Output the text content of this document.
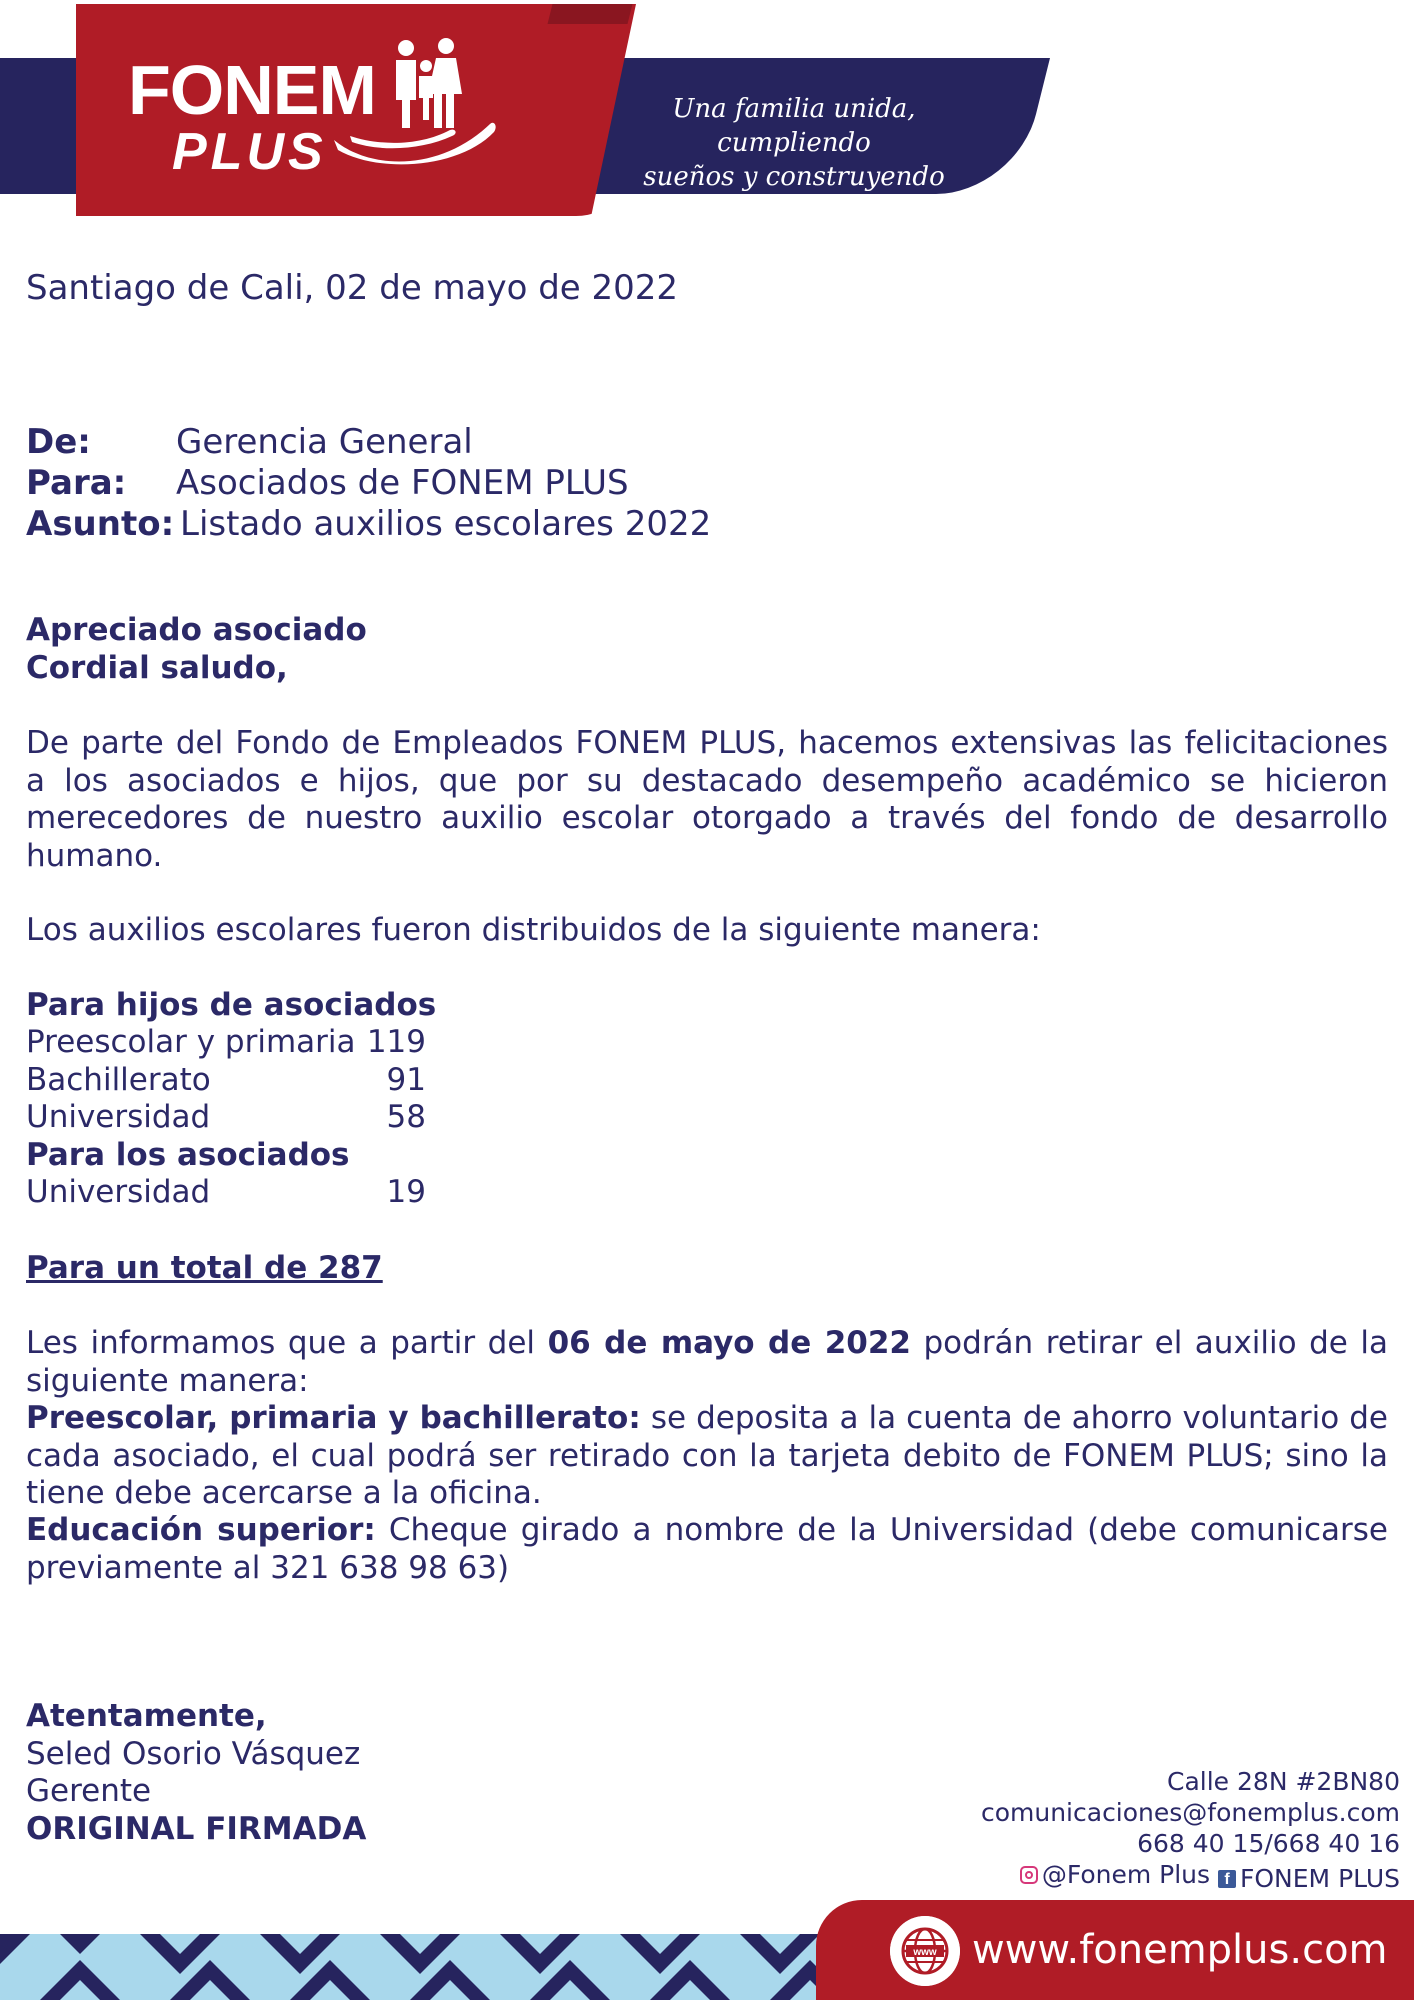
FONEM
PLUS
Una familia unida, cumpliendo
sueños y construyendo bienestar
Santiago de Cali, 02 de mayo de 2022
De:	Gerencia General
Para: Asociados de FONEM PLUS
Asunto: Listado auxilios escolares 2022
Apreciado asociado
Cordial saludo,
De parte del Fondo de Empleados FONEM PLUS, hacemos extensivas las felicitaciones a los asociados e hijos, que por su destacado desempeño académico se hicieron merecedores de nuestro auxilio escolar otorgado a través del fondo de desarrollo humano.
Los auxilios escolares fueron distribuidos de la siguiente manera:
Para hijos de asociados
Preescolar y primaria 119
Bachillerato	91
Universidad	58
Para los asociados
Universidad	19
Para un total de 287
Les informamos que a partir del 06 de mayo de 2022 podrán retirar el auxilio de la siguiente manera:
Preescolar, primaria y bachillerato: se deposita a la cuenta de ahorro voluntario de cada asociado, el cual podrá ser retirado con la tarjeta debito de FONEM PLUS; sino la tiene debe acercarse a la oficina.
Educación superior: Cheque girado a nombre de la Universidad (debe comunicarse previamente al 321 638 98 63)
Atentamente,
Seled Osorio Vásquez
Gerente
ORIGINAL FIRMADA
Calle 28N #2BN80
comunicaciones@fonemplus.com
668 40 15/668 40 16
@Fonem Plus
f FONEM PLUS
www www.fonemplus.com
